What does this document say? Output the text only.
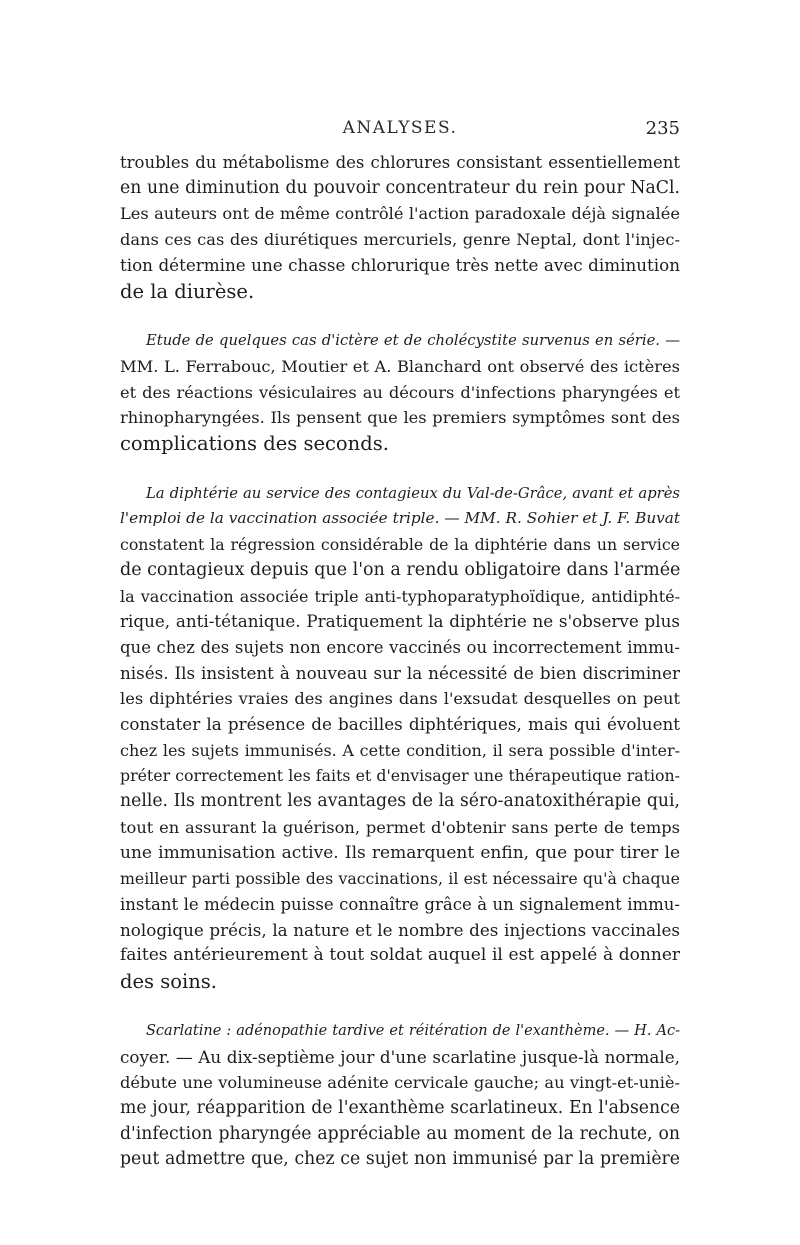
ANALYSES.	235

troubles du métabolisme des chlorures consistant essentiellement
en une diminution du pouvoir concentrateur du rein pour NaCl.
Les auteurs ont de même contrôlé l'action paradoxale déjà signalée
dans ces cas des diurétiques mercuriels, genre Neptal, dont l'injec-
tion détermine une chasse chlorurique très nette avec diminution
de la diurèse.

Etude de quelques cas d'ictère et de cholécystite survenus en série. —
MM. L. Ferrabouc, Moutier et A. Blanchard ont observé des ictères
et des réactions vésiculaires au décours d'infections pharyngées et
rhinopharyngées. Ils pensent que les premiers symptômes sont des
complications des seconds.

La diphtérie au service des contagieux du Val-de-Grâce, avant et après
l'emploi de la vaccination associée triple. — MM. R. Sohier et J. F. Buvat
constatent la régression considérable de la diphtérie dans un service
de contagieux depuis que l'on a rendu obligatoire dans l'armée
la vaccination associée triple anti-typhoparatyphoïdique, antidiphté-
rique, anti-tétanique. Pratiquement la diphtérie ne s'observe plus
que chez des sujets non encore vaccinés ou incorrectement immu-
nisés. Ils insistent à nouveau sur la nécessité de bien discriminer
les diphtéries vraies des angines dans l'exsudat desquelles on peut
constater la présence de bacilles diphtériques, mais qui évoluent
chez les sujets immunisés. A cette condition, il sera possible d'inter-
préter correctement les faits et d'envisager une thérapeutique ration-
nelle. Ils montrent les avantages de la séro-anatoxithérapie qui,
tout en assurant la guérison, permet d'obtenir sans perte de temps
une immunisation active. Ils remarquent enfin, que pour tirer le
meilleur parti possible des vaccinations, il est nécessaire qu'à chaque
instant le médecin puisse connaître grâce à un signalement immu-
nologique précis, la nature et le nombre des injections vaccinales
faites antérieurement à tout soldat auquel il est appelé à donner
des soins.

Scarlatine : adénopathie tardive et réitération de l'exanthème. — H. Ac-
coyer. — Au dix-septième jour d'une scarlatine jusque-là normale,
débute une volumineuse adénite cervicale gauche; au vingt-et-uniè-
me jour, réapparition de l'exanthème scarlatineux. En l'absence
d'infection pharyngée appréciable au moment de la rechute, on
peut admettre que, chez ce sujet non immunisé par la première
